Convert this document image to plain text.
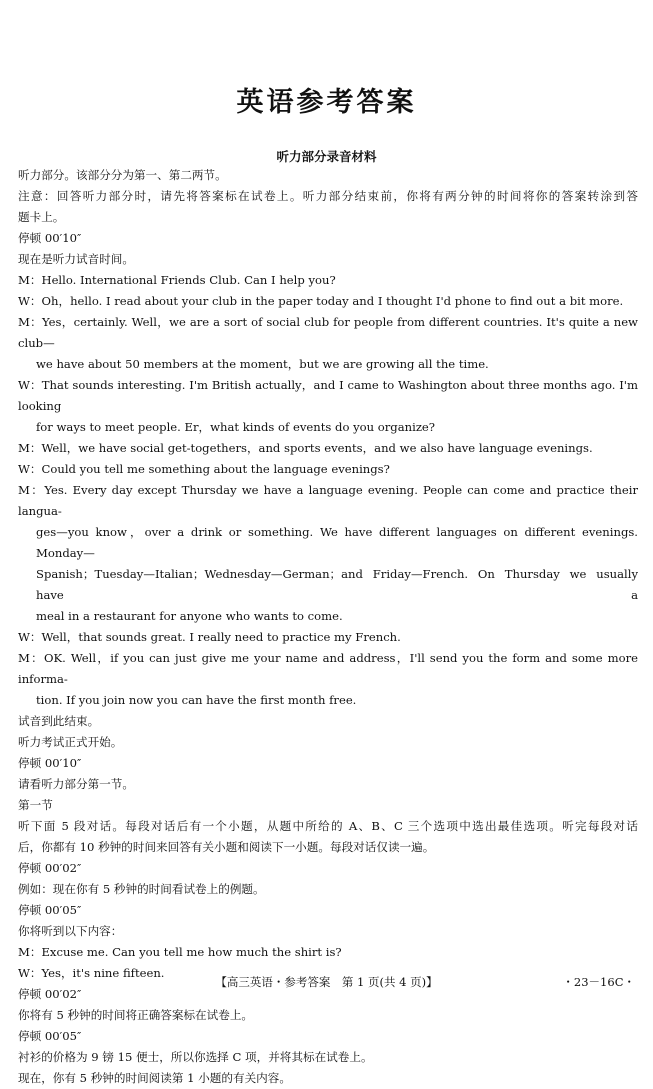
英语参考答案
听力部分录音材料
听力部分。该部分分为第一、第二两节。
注意：回答听力部分时，请先将答案标在试卷上。听力部分结束前，你将有两分钟的时间将你的答案转涂到答
题卡上。
停顿 00′10″
现在是听力试音时间。
M：Hello. International Friends Club. Can I help you?
W：Oh，hello. I read about your club in the paper today and I thought I'd phone to find out a bit more.
M：Yes，certainly. Well，we are a sort of social club for people from different countries. It's quite a new club—
we have about 50 members at the moment，but we are growing all the time.
W：That sounds interesting. I'm British actually，and I came to Washington about three months ago. I'm looking
for ways to meet people. Er，what kinds of events do you organize?
M：Well，we have social get-togethers，and sports events，and we also have language evenings.
W：Could you tell me something about the language evenings?
M：Yes. Every day except Thursday we have a language evening. People can come and practice their langua-
ges—you know，over a drink or something. We have different languages on different evenings. Monday—
Spanish；Tuesday—Italian；Wednesday—German；and Friday—French. On Thursday we usually have a
meal in a restaurant for anyone who wants to come.
W：Well，that sounds great. I really need to practice my French.
M：OK. Well，if you can just give me your name and address，I'll send you the form and some more informa-
tion. If you join now you can have the first month free.
试音到此结束。
听力考试正式开始。
停顿 00′10″
请看听力部分第一节。
第一节
听下面 5 段对话。每段对话后有一个小题，从题中所给的 A、B、C 三个选项中选出最佳选项。听完每段对话
后，你都有 10 秒钟的时间来回答有关小题和阅读下一小题。每段对话仅读一遍。
停顿 00′02″
例如：现在你有 5 秒钟的时间看试卷上的例题。
停顿 00′05″
你将听到以下内容：
M：Excuse me. Can you tell me how much the shirt is?
W：Yes，it's nine fifteen.
停顿 00′02″
你将有 5 秒钟的时间将正确答案标在试卷上。
停顿 00′05″
衬衫的价格为 9 镑 15 便士，所以你选择 C 项，并将其标在试卷上。
现在，你有 5 秒钟的时间阅读第 1 小题的有关内容。
【高三英语・参考答案　第 1 页(共 4 页)】	・23－16C・
